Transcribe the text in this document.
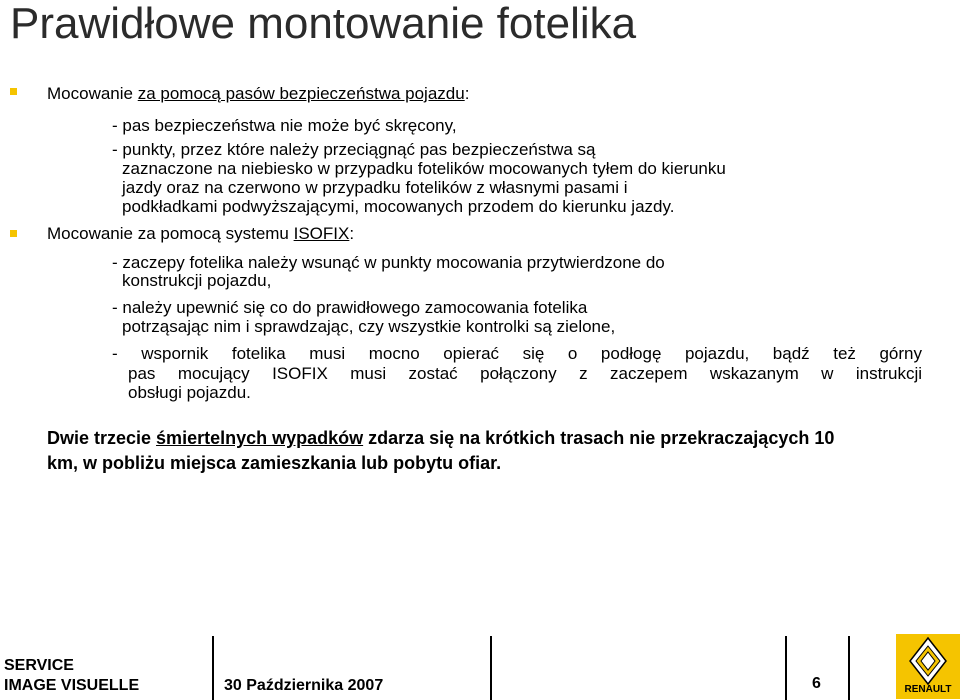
Prawidłowe montowanie fotelika
Mocowanie za pomocą pasów bezpieczeństwa pojazdu:
- pas bezpieczeństwa nie może być skręcony,
- punkty, przez które należy przeciągnąć pas bezpieczeństwa są
zaznaczone na niebiesko w przypadku fotelików mocowanych tyłem do kierunku
jazdy oraz na czerwono w przypadku fotelików z własnymi pasami i
podkładkami podwyższającymi, mocowanych przodem do kierunku jazdy.
Mocowanie za pomocą systemu ISOFIX:
- zaczepy fotelika należy wsunąć w punkty mocowania przytwierdzone do
konstrukcji pojazdu,
- należy upewnić się co do prawidłowego zamocowania fotelika
potrząsając nim i sprawdzając, czy wszystkie kontrolki są zielone,
- wspornik fotelika musi mocno opierać się o podłogę pojazdu, bądź też górny
pas mocujący ISOFIX musi zostać połączony z zaczepem wskazanym w instrukcji
obsługi pojazdu.
Dwie trzecie śmiertelnych wypadków zdarza się na krótkich trasach nie przekraczających 10
km, w pobliżu miejsca zamieszkania lub pobytu ofiar.
SERVICE
IMAGE VISUELLE	30 Października 2007	6	RENAULT
